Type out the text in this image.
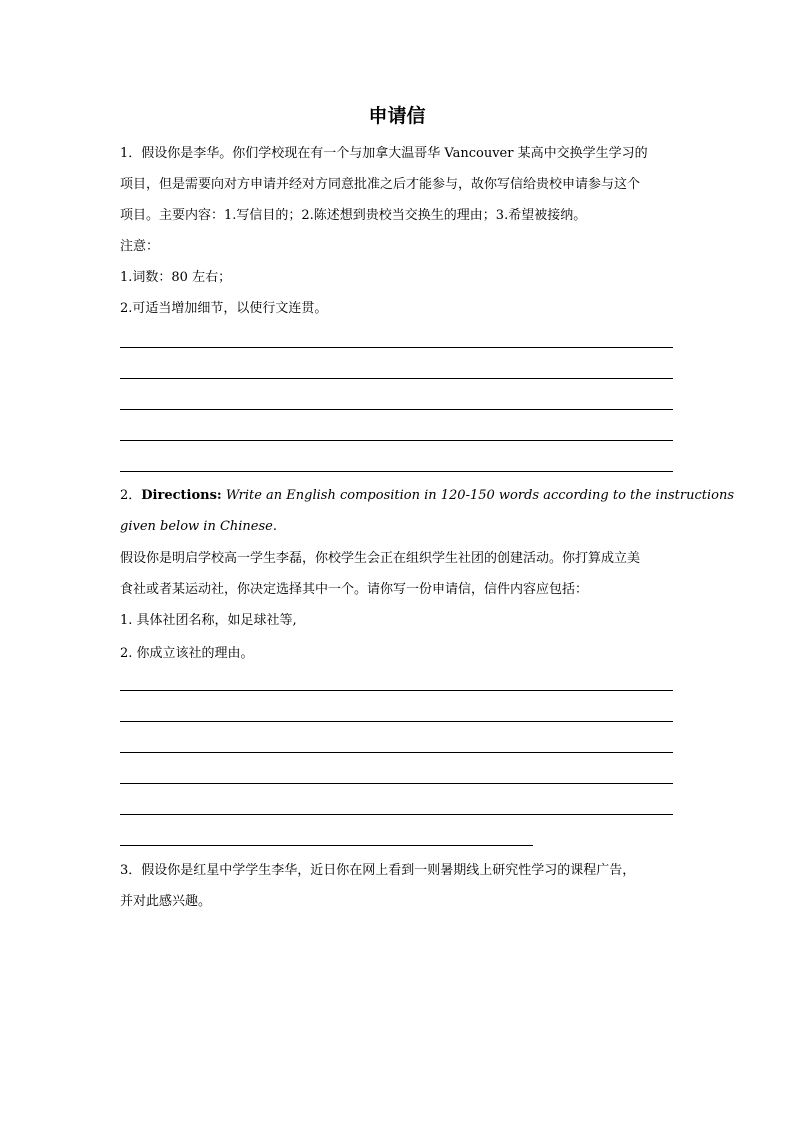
申请信
1．假设你是李华。你们学校现在有一个与加拿大温哥华 Vancouver 某高中交换学生学习的
项目，但是需要向对方申请并经对方同意批准之后才能参与，故你写信给贵校申请参与这个
项目。主要内容：1.写信目的；2.陈述想到贵校当交换生的理由；3.希望被接纳。
注意：
1.词数：80 左右；
2.可适当增加细节，以使行文连贯。
2．Directions: Write an English composition in 120-150 words according to the instructions
given below in Chinese.
假设你是明启学校高一学生李磊，你校学生会正在组织学生社团的创建活动。你打算成立美
食社或者某运动社，你决定选择其中一个。请你写一份申请信，信件内容应包括：
1. 具体社团名称，如足球社等,
2. 你成立该社的理由。
3．假设你是红星中学学生李华，近日你在网上看到一则暑期线上研究性学习的课程广告，
并对此感兴趣。
